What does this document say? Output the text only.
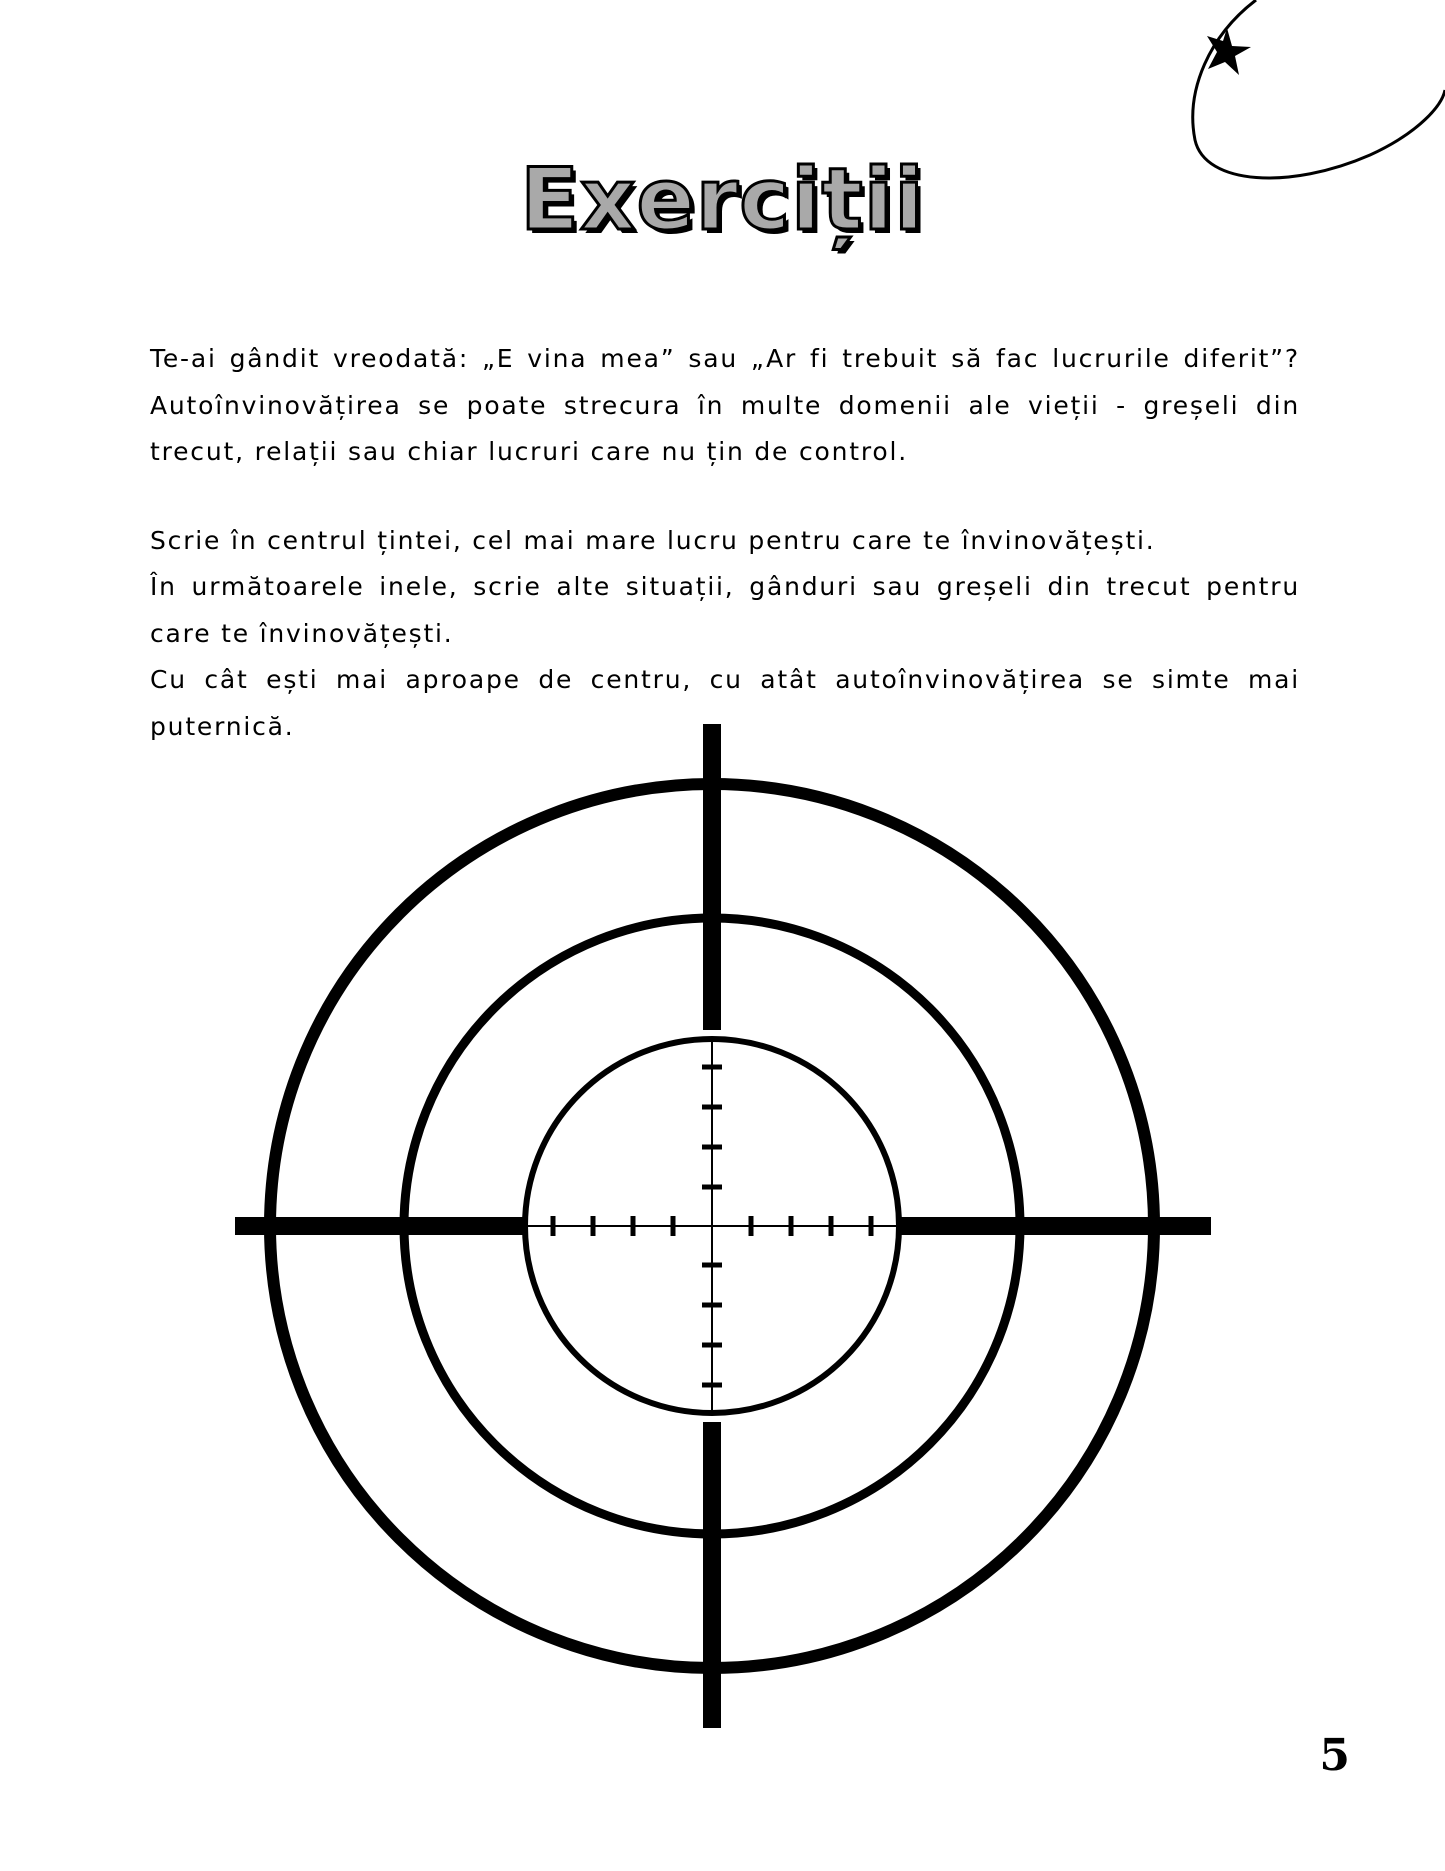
Exerciții

Te-ai gândit vreodată: „E vina mea” sau „Ar fi trebuit să fac lucrurile diferit”? Autoînvinovățirea se poate strecura în multe domenii ale vieții - greșeli din trecut, relații sau chiar lucruri care nu țin de control.

Scrie în centrul țintei, cel mai mare lucru pentru care te învinovățești.

În următoarele inele, scrie alte situații, gânduri sau greșeli din trecut pentru care te învinovățești.

Cu cât ești mai aproape de centru, cu atât autoînvinovățirea se simte mai puternică.

5
